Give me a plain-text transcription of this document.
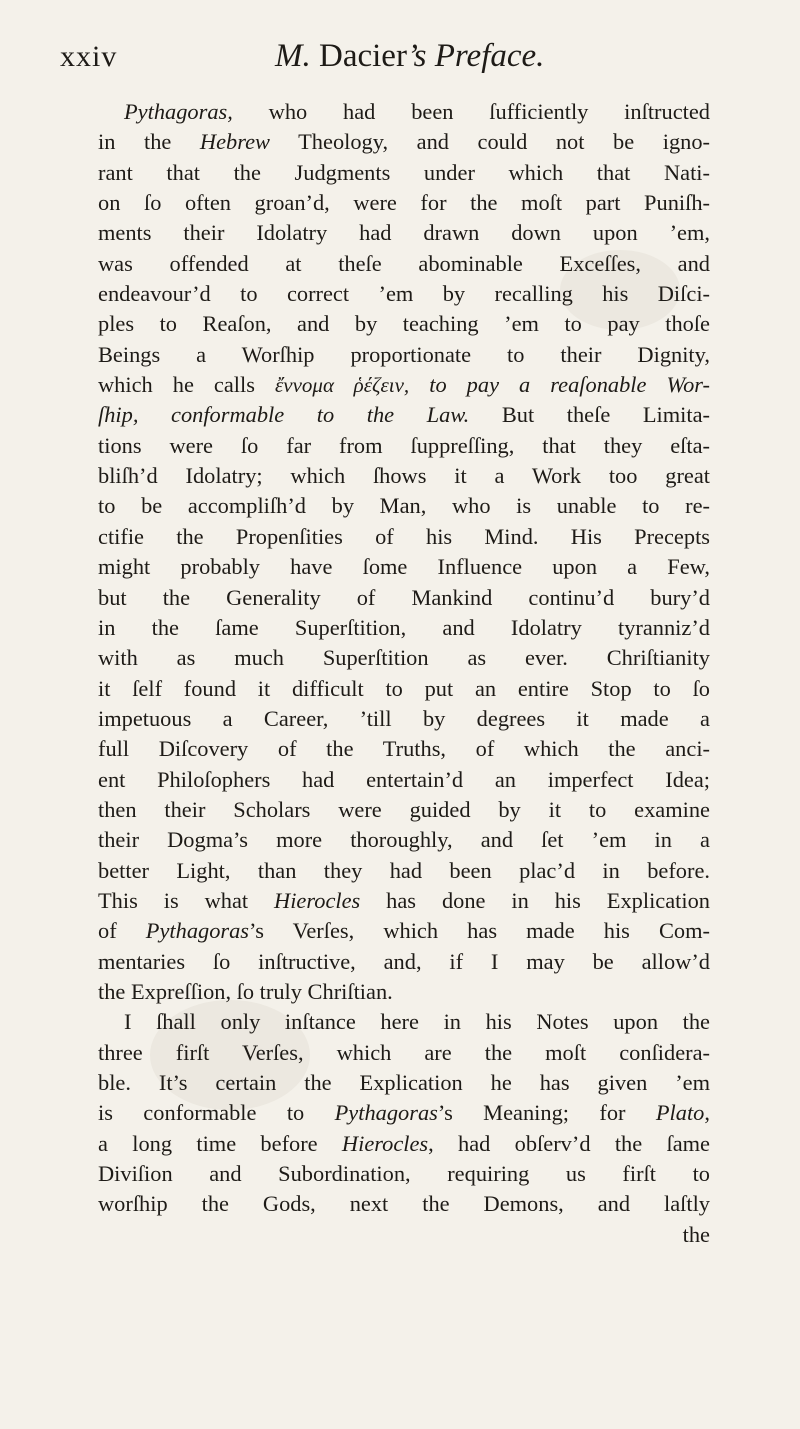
xxiv	M. Dacier’s Preface.
Pythagoras, who had been ſufficiently inſtructed
in the Hebrew Theology, and could not be igno-
rant that the Judgments under which that Nati-
on ſo often groan’d, were for the moſt part Puniſh-
ments their Idolatry had drawn down upon ’em,
was offended at theſe abominable Exceſſes, and
endeavour’d to correct ’em by recalling his Diſci-
ples to Reaſon, and by teaching ’em to pay thoſe
Beings a Worſhip proportionate to their Dignity,
which he calls ἔννομα ῥέζειν, to pay a reaſonable Wor-
ſhip, conformable to the Law. But theſe Limita-
tions were ſo far from ſuppreſſing, that they eſta-
bliſh’d Idolatry; which ſhows it a Work too great
to be accompliſh’d by Man, who is unable to re-
ctifie the Propenſities of his Mind. His Precepts
might probably have ſome Influence upon a Few,
but the Generality of Mankind continu’d bury’d
in the ſame Superſtition, and Idolatry tyranniz’d
with as much Superſtition as ever. Chriſtianity
it ſelf found it difficult to put an entire Stop to ſo
impetuous a Career, ’till by degrees it made a
full Diſcovery of the Truths, of which the anci-
ent Philoſophers had entertain’d an imperfect Idea;
then their Scholars were guided by it to examine
their Dogma’s more thoroughly, and ſet ’em in a
better Light, than they had been plac’d in before.
This is what Hierocles has done in his Explication
of Pythagoras’s Verſes, which has made his Com-
mentaries ſo inſtructive, and, if I may be allow’d
the Expreſſion, ſo truly Chriſtian.
I ſhall only inſtance here in his Notes upon the
three firſt Verſes, which are the moſt conſidera-
ble. It’s certain the Explication he has given ’em
is conformable to Pythagoras’s Meaning; for Plato,
a long time before Hierocles, had obſerv’d the ſame
Diviſion and Subordination, requiring us firſt to
worſhip the Gods, next the Demons, and laſtly
the
